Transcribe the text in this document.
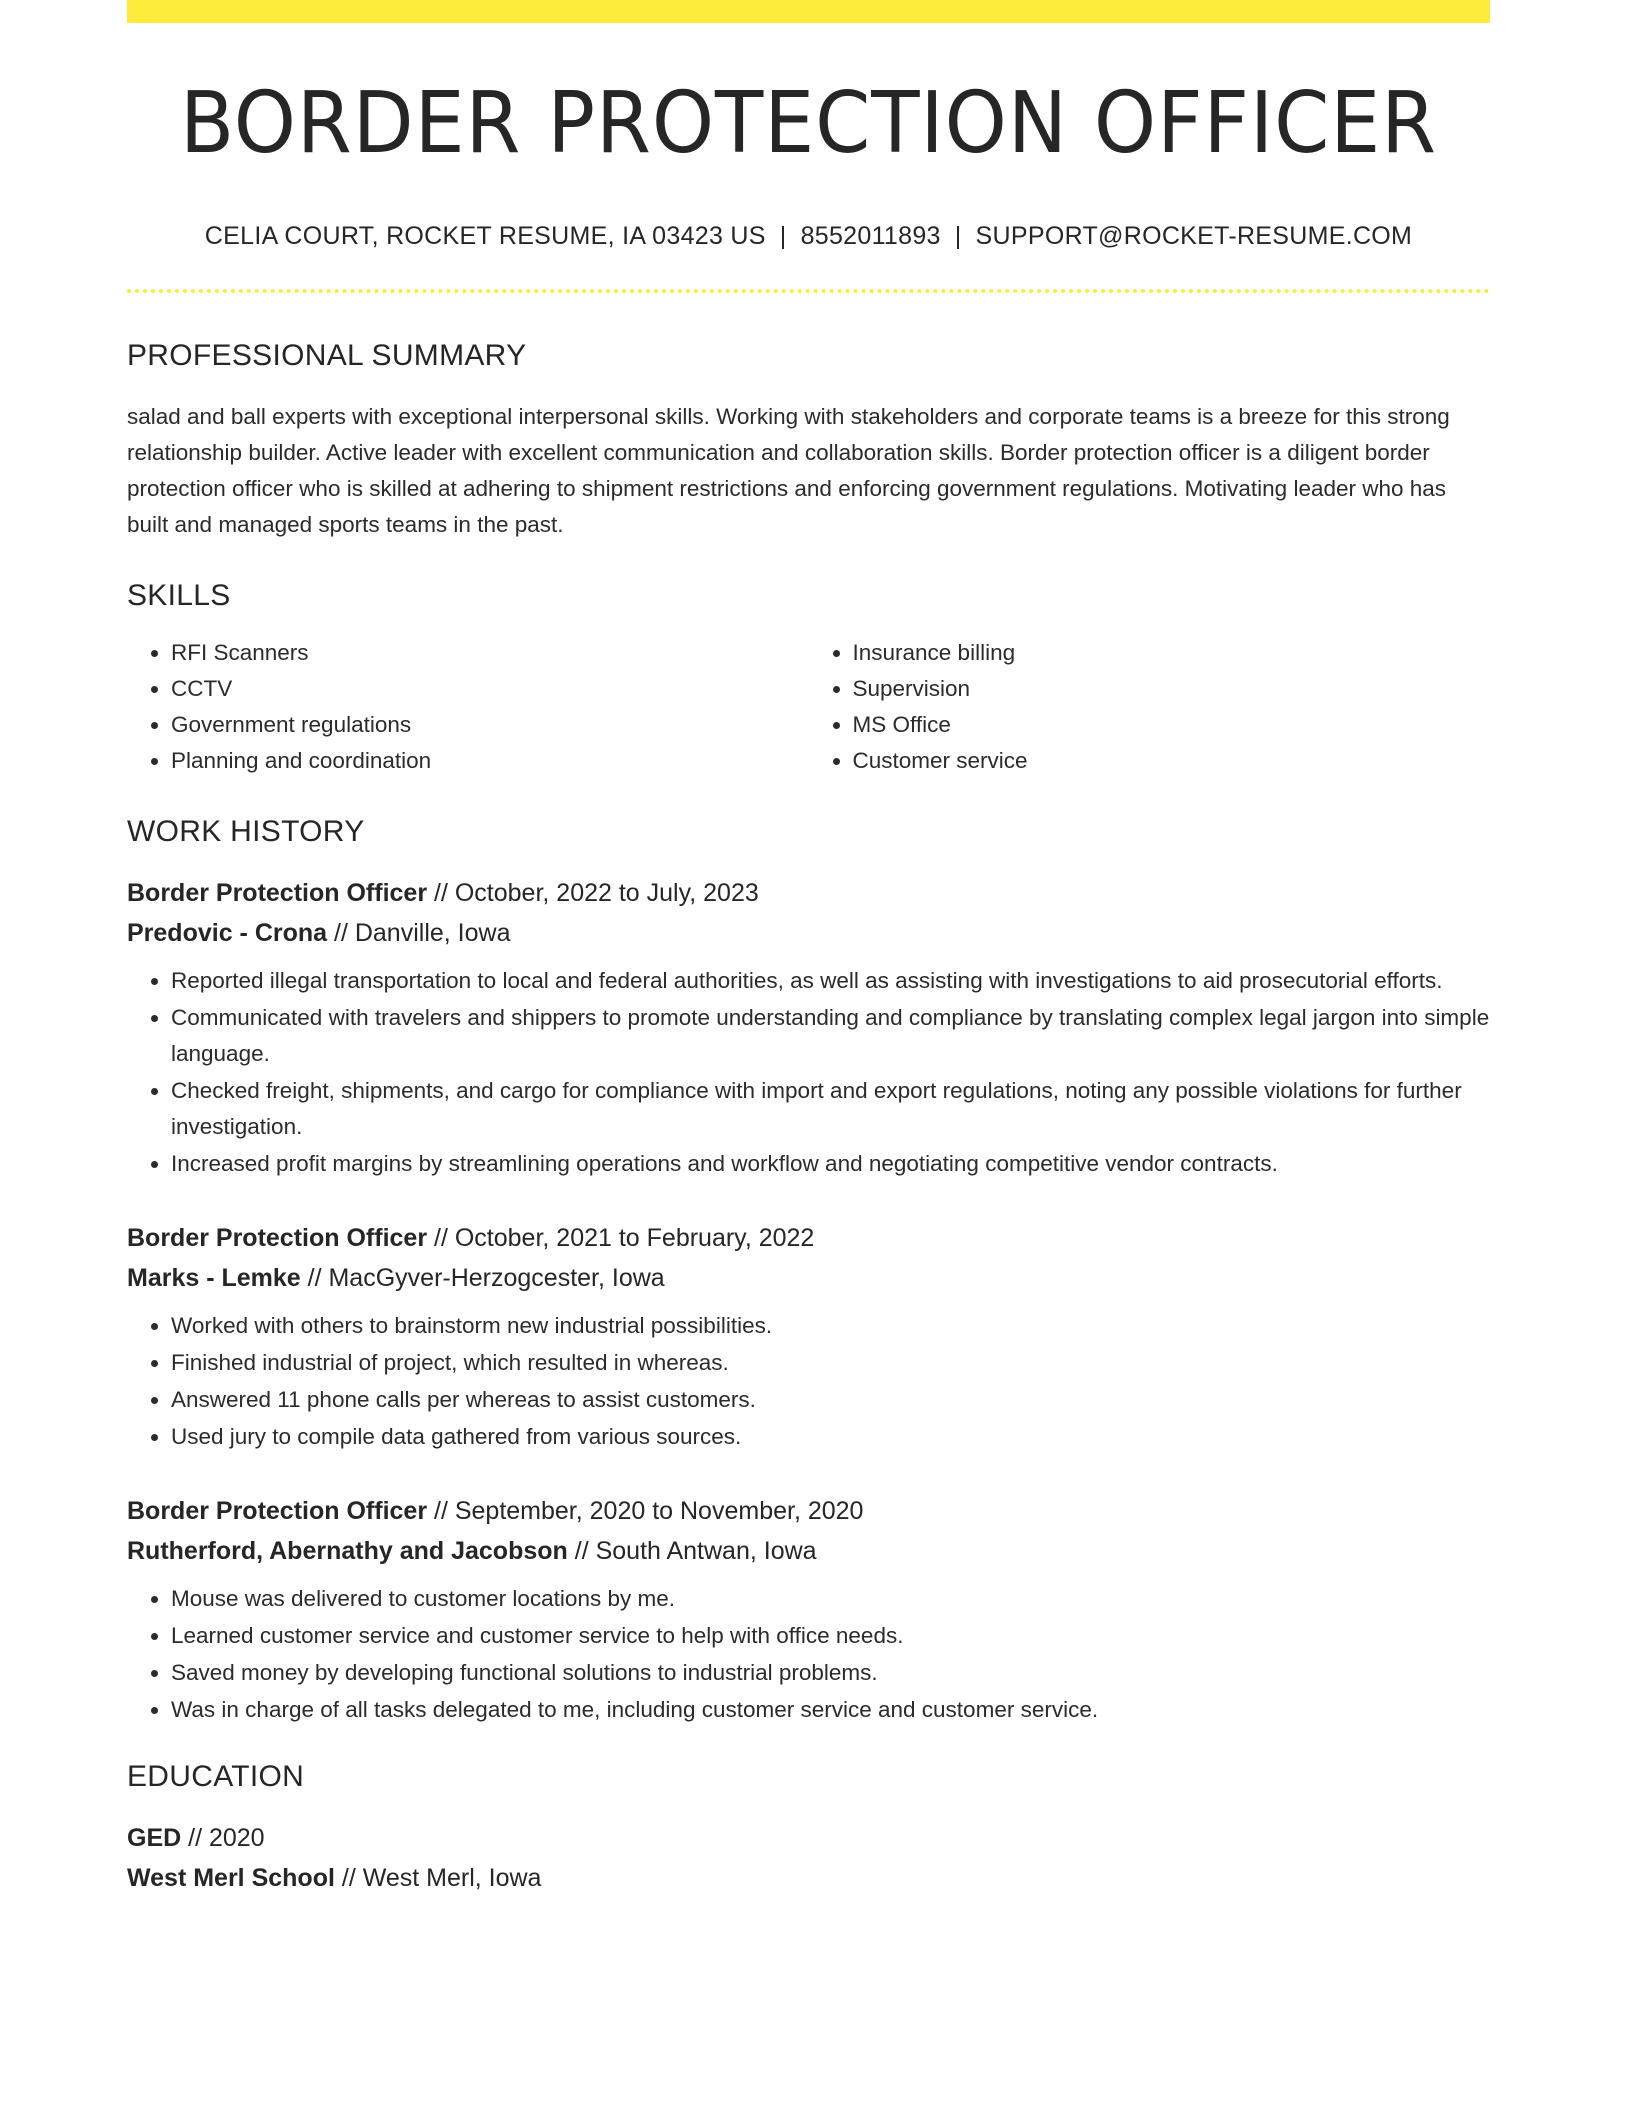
BORDER PROTECTION OFFICER
CELIA COURT, ROCKET RESUME, IA 03423 US | 8552011893 | SUPPORT@ROCKET-RESUME.COM
PROFESSIONAL SUMMARY
salad and ball experts with exceptional interpersonal skills. Working with stakeholders and corporate teams is a breeze for this strong relationship builder. Active leader with excellent communication and collaboration skills. Border protection officer is a diligent border protection officer who is skilled at adhering to shipment restrictions and enforcing government regulations. Motivating leader who has built and managed sports teams in the past.
SKILLS
• RFI Scanners
• CCTV
• Government regulations
• Planning and coordination
• Insurance billing
• Supervision
• MS Office
• Customer service
WORK HISTORY
Border Protection Officer // October, 2022 to July, 2023
Predovic - Crona // Danville, Iowa
• Reported illegal transportation to local and federal authorities, as well as assisting with investigations to aid prosecutorial efforts.
• Communicated with travelers and shippers to promote understanding and compliance by translating complex legal jargon into simple language.
• Checked freight, shipments, and cargo for compliance with import and export regulations, noting any possible violations for further investigation.
• Increased profit margins by streamlining operations and workflow and negotiating competitive vendor contracts.
Border Protection Officer // October, 2021 to February, 2022
Marks - Lemke // MacGyver-Herzogcester, Iowa
• Worked with others to brainstorm new industrial possibilities.
• Finished industrial of project, which resulted in whereas.
• Answered 11 phone calls per whereas to assist customers.
• Used jury to compile data gathered from various sources.
Border Protection Officer // September, 2020 to November, 2020
Rutherford, Abernathy and Jacobson // South Antwan, Iowa
• Mouse was delivered to customer locations by me.
• Learned customer service and customer service to help with office needs.
• Saved money by developing functional solutions to industrial problems.
• Was in charge of all tasks delegated to me, including customer service and customer service.
EDUCATION
GED // 2020
West Merl School // West Merl, Iowa
